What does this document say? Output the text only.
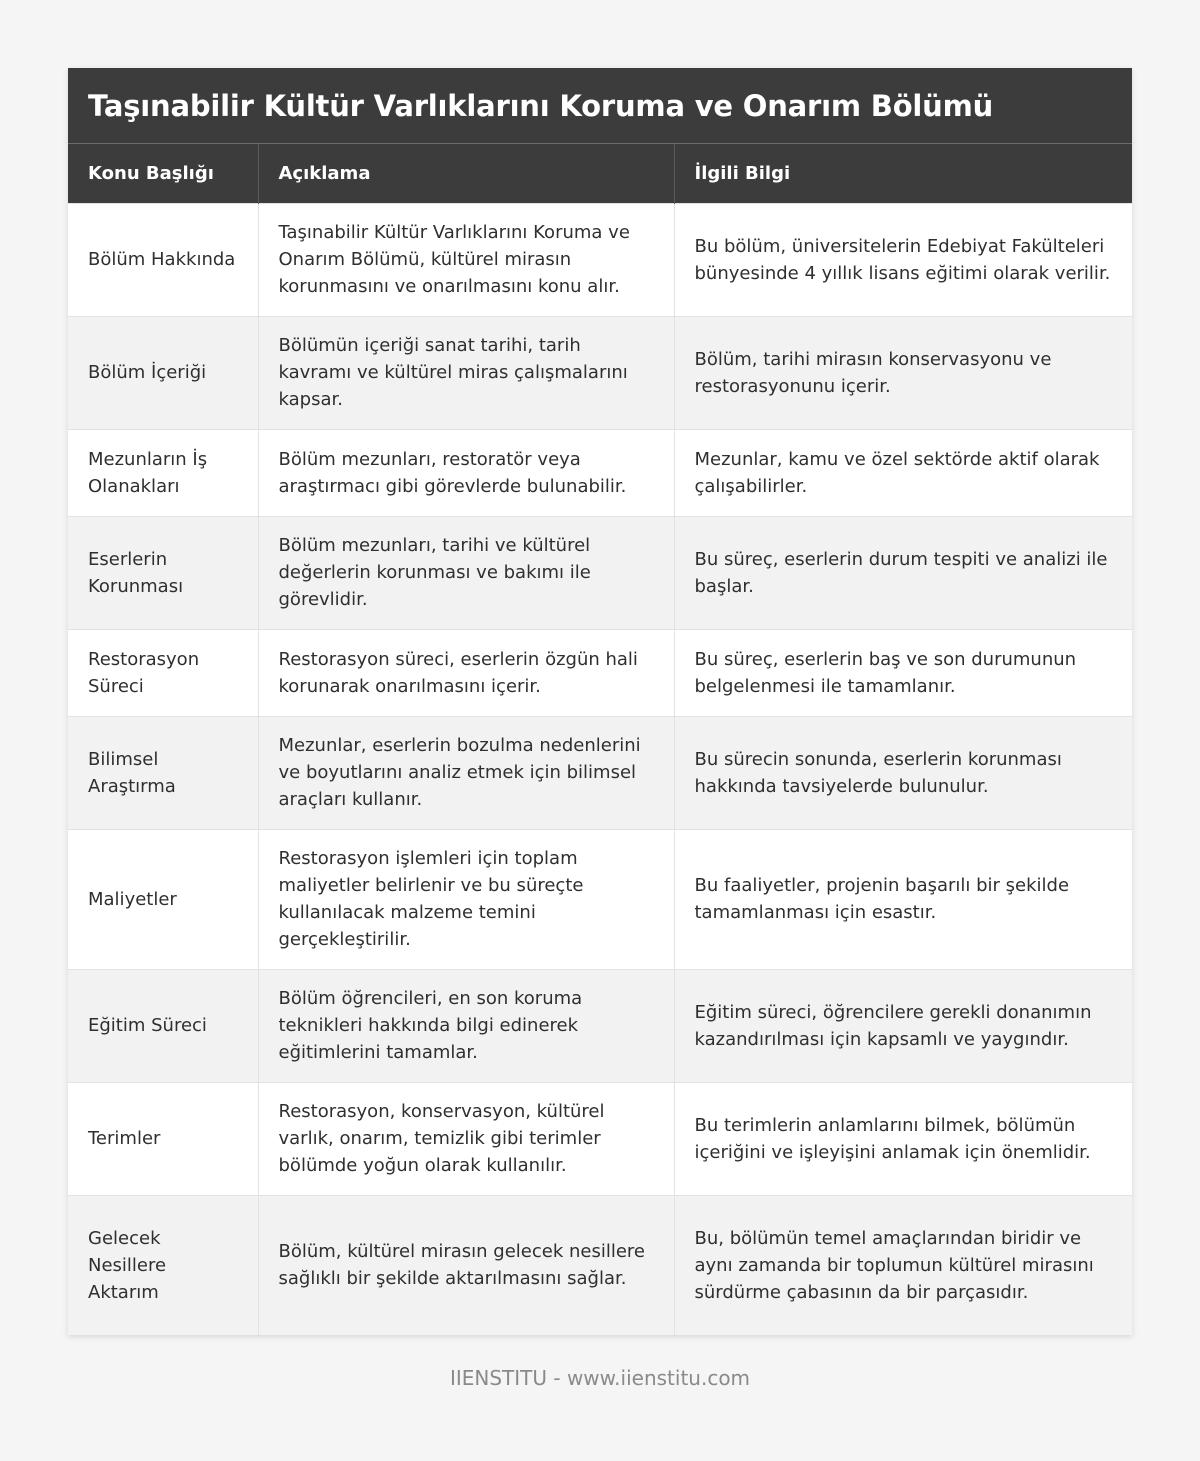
Taşınabilir Kültür Varlıklarını Koruma ve Onarım Bölümü
Konu Başlığı	Açıklama	İlgili Bilgi
Bölüm Hakkında	Taşınabilir Kültür Varlıklarını Koruma ve Onarım Bölümü, kültürel mirasın korunmasını ve onarılmasını konu alır.	Bu bölüm, üniversitelerin Edebiyat Fakülteleri bünyesinde 4 yıllık lisans eğitimi olarak verilir.
Bölüm İçeriği	Bölümün içeriği sanat tarihi, tarih kavramı ve kültürel miras çalışmalarını kapsar.	Bölüm, tarihi mirasın konservasyonu ve restorasyonunu içerir.
Mezunların İş Olanakları	Bölüm mezunları, restoratör veya araştırmacı gibi görevlerde bulunabilir.	Mezunlar, kamu ve özel sektörde aktif olarak çalışabilirler.
Eserlerin Korunması	Bölüm mezunları, tarihi ve kültürel değerlerin korunması ve bakımı ile görevlidir.	Bu süreç, eserlerin durum tespiti ve analizi ile başlar.
Restorasyon Süreci	Restorasyon süreci, eserlerin özgün hali korunarak onarılmasını içerir.	Bu süreç, eserlerin baş ve son durumunun belgelenmesi ile tamamlanır.
Bilimsel Araştırma	Mezunlar, eserlerin bozulma nedenlerini ve boyutlarını analiz etmek için bilimsel araçları kullanır.	Bu sürecin sonunda, eserlerin korunması hakkında tavsiyelerde bulunulur.
Maliyetler	Restorasyon işlemleri için toplam maliyetler belirlenir ve bu süreçte kullanılacak malzeme temini gerçekleştirilir.	Bu faaliyetler, projenin başarılı bir şekilde tamamlanması için esastır.
Eğitim Süreci	Bölüm öğrencileri, en son koruma teknikleri hakkında bilgi edinerek eğitimlerini tamamlar.	Eğitim süreci, öğrencilere gerekli donanımın kazandırılması için kapsamlı ve yaygındır.
Terimler	Restorasyon, konservasyon, kültürel varlık, onarım, temizlik gibi terimler bölümde yoğun olarak kullanılır.	Bu terimlerin anlamlarını bilmek, bölümün içeriğini ve işleyişini anlamak için önemlidir.
Gelecek Nesillere Aktarım	Bölüm, kültürel mirasın gelecek nesillere sağlıklı bir şekilde aktarılmasını sağlar.	Bu, bölümün temel amaçlarından biridir ve aynı zamanda bir toplumun kültürel mirasını sürdürme çabasının da bir parçasıdır.
IIENSTITU - www.iienstitu.com
